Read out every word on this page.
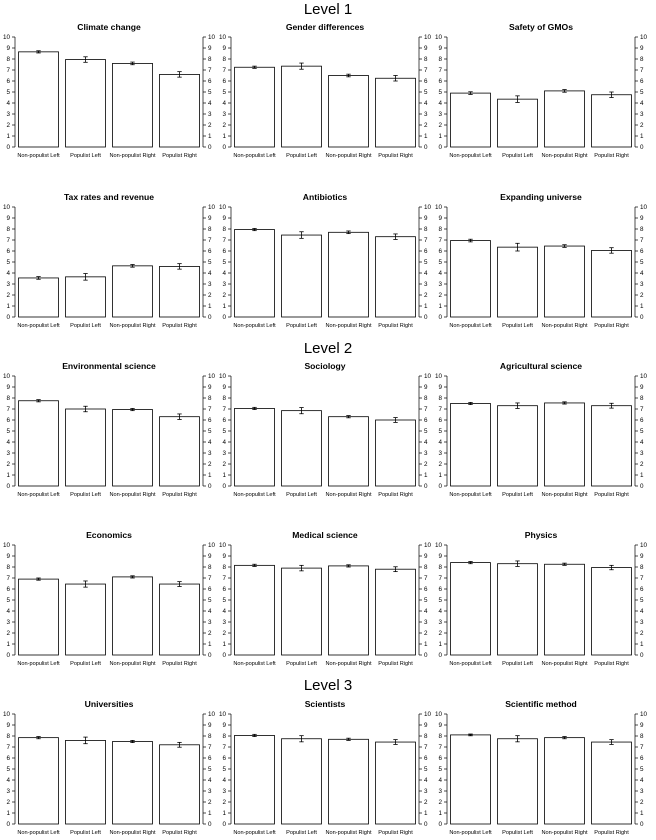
Level 1
Level 2
Level 3
Climate change
0
1
2
3
4
5
6
7
8
9
10
0
1
2
3
4
5
6
7
8
9
10
Non-populist Left Populist Left Non-populist Right Populist Right
Gender differences
0
1
2
3
4
5
6
7
8
9
10
0
1
2
3
4
5
6
7
8
9
10
Non-populist Left Populist Left Non-populist Right Populist Right
Safety of GMOs
0
1
2
3
4
5
6
7
8
9
10
0
1
2
3
4
5
6
7
8
9
10
Non-populist Left Populist Left Non-populist Right Populist Right
Tax rates and revenue
0
1
2
3
4
5
6
7
8
9
10
0
1
2
3
4
5
6
7
8
9
10
Non-populist Left Populist Left Non-populist Right Populist Right
Antibiotics
0
1
2
3
4
5
6
7
8
9
10
0
1
2
3
4
5
6
7
8
9
10
Non-populist Left Populist Left Non-populist Right Populist Right
Expanding universe
0
1
2
3
4
5
6
7
8
9
10
0
1
2
3
4
5
6
7
8
9
10
Non-populist Left Populist Left Non-populist Right Populist Right
Environmental science
0
1
2
3
4
5
6
7
8
9
10
0
1
2
3
4
5
6
7
8
9
10
Non-populist Left Populist Left Non-populist Right Populist Right
Sociology
0
1
2
3
4
5
6
7
8
9
10
0
1
2
3
4
5
6
7
8
9
10
Non-populist Left Populist Left Non-populist Right Populist Right
Agricultural science
0
1
2
3
4
5
6
7
8
9
10
0
1
2
3
4
5
6
7
8
9
10
Non-populist Left Populist Left Non-populist Right Populist Right
Economics
0
1
2
3
4
5
6
7
8
9
10
0
1
2
3
4
5
6
7
8
9
10
Non-populist Left Populist Left Non-populist Right Populist Right
Medical science
0
1
2
3
4
5
6
7
8
9
10
0
1
2
3
4
5
6
7
8
9
10
Non-populist Left Populist Left Non-populist Right Populist Right
Physics
0
1
2
3
4
5
6
7
8
9
10
0
1
2
3
4
5
6
7
8
9
10
Non-populist Left Populist Left Non-populist Right Populist Right
Universities
0
1
2
3
4
5
6
7
8
9
10
0
1
2
3
4
5
6
7
8
9
10
Non-populist Left Populist Left Non-populist Right Populist Right
Scientists
0
1
2
3
4
5
6
7
8
9
10
0
1
2
3
4
5
6
7
8
9
10
Non-populist Left Populist Left Non-populist Right Populist Right
Scientific method
0
1
2
3
4
5
6
7
8
9
10
0
1
2
3
4
5
6
7
8
9
10
Non-populist Left Populist Left Non-populist Right Populist Right
